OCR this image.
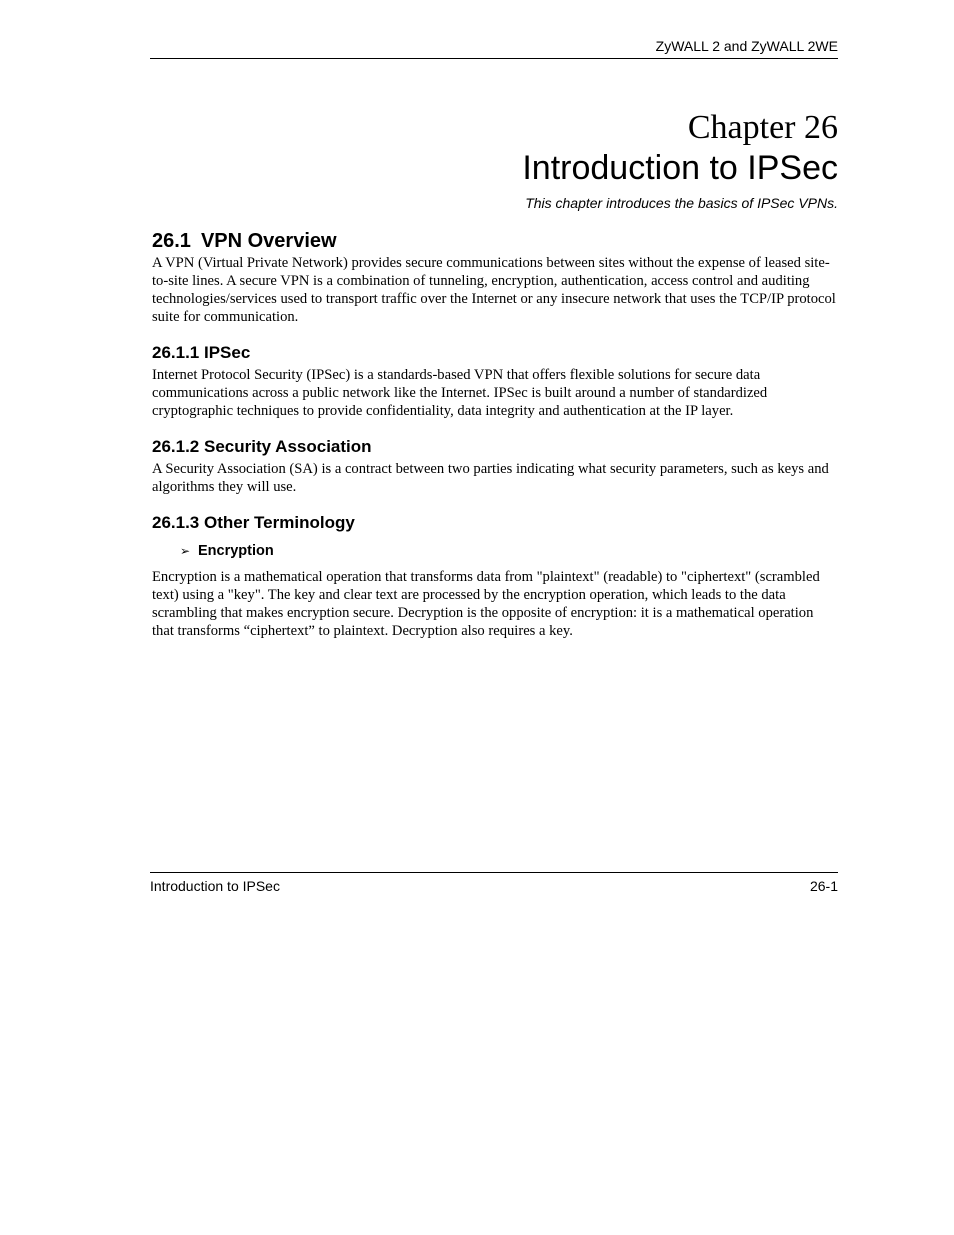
ZyWALL 2 and ZyWALL 2WE
Chapter 26
Introduction to IPSec
This chapter introduces the basics of IPSec VPNs.
26.1 VPN Overview

A VPN (Virtual Private Network) provides secure communications between sites without the expense of leased site-to-site lines. A secure VPN is a combination of tunneling, encryption, authentication, access control and auditing technologies/services used to transport traffic over the Internet or any insecure network that uses the TCP/IP protocol suite for communication.

26.1.1 IPSec

Internet Protocol Security (IPSec) is a standards-based VPN that offers flexible solutions for secure data communications across a public network like the Internet. IPSec is built around a number of standardized cryptographic techniques to provide confidentiality, data integrity and authentication at the IP layer.

26.1.2 Security Association

A Security Association (SA) is a contract between two parties indicating what security parameters, such as keys and algorithms they will use.

26.1.3 Other Terminology
➢ Encryption

Encryption is a mathematical operation that transforms data from "plaintext" (readable) to "ciphertext" (scrambled text) using a "key". The key and clear text are processed by the encryption operation, which leads to the data scrambling that makes encryption secure. Decryption is the opposite of encryption: it is a mathematical operation that transforms “ciphertext” to plaintext. Decryption also requires a key.

Introduction to IPSec	26-1
